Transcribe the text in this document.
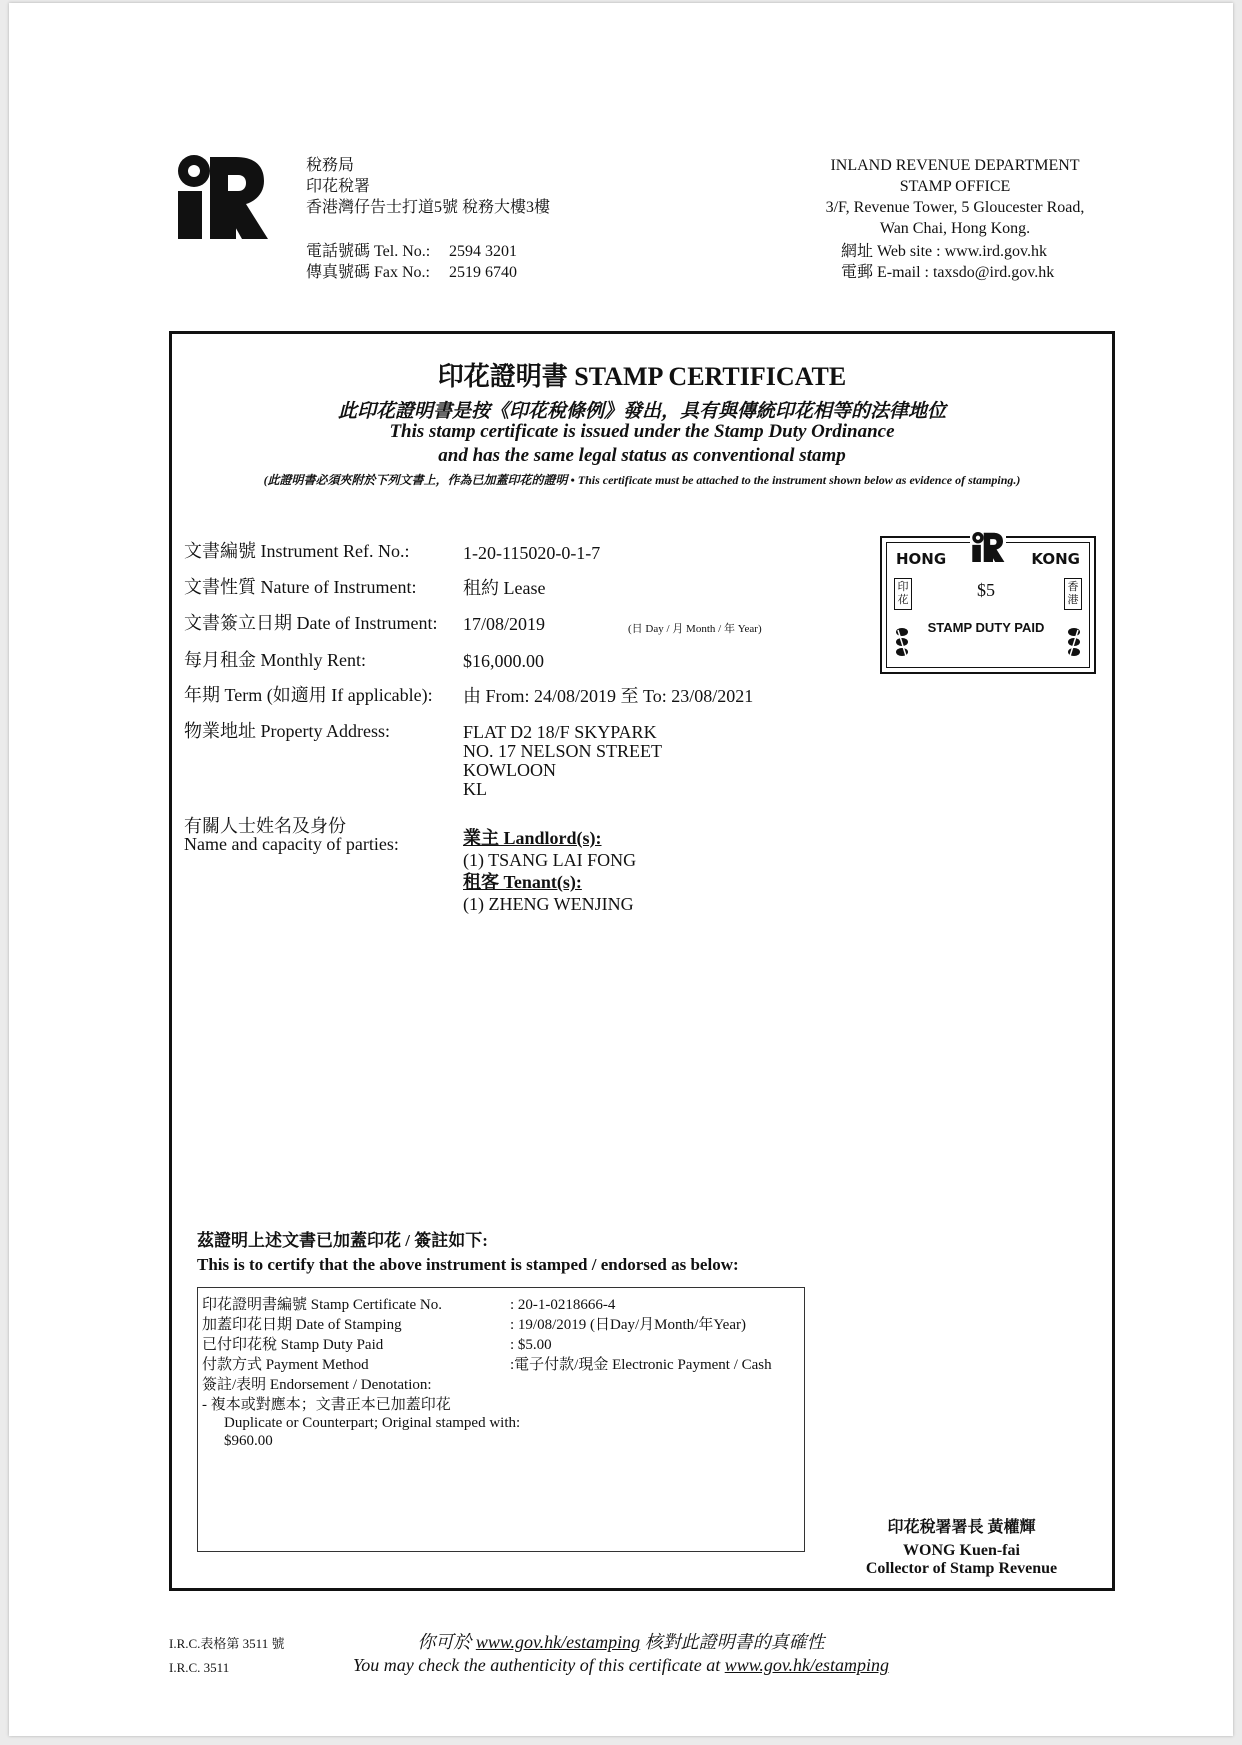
稅務局
印花稅署
香港灣仔告士打道5號 稅務大樓3樓
電話號碼 Tel. No.: 2594 3201
傳真號碼 Fax No.: 2519 6740
INLAND REVENUE DEPARTMENT
STAMP OFFICE
3/F, Revenue Tower, 5 Gloucester Road,
Wan Chai, Hong Kong.
網址 Web site : www.ird.gov.hk
電郵 E-mail : taxsdo@ird.gov.hk
印花證明書 STAMP CERTIFICATE
此印花證明書是按《印花稅條例》發出，具有與傳統印花相等的法律地位
This stamp certificate is issued under the Stamp Duty Ordinance
and has the same legal status as conventional stamp
(此證明書必須夾附於下列文書上，作為已加蓋印花的證明 • This certificate must be attached to the instrument shown below as evidence of stamping.)
文書編號 Instrument Ref. No.:	1-20-115020-0-1-7
文書性質 Nature of Instrument:	租約 Lease
文書簽立日期 Date of Instrument: 17/08/2019	(日 Day / 月 Month / 年 Year)
每月租金 Monthly Rent:	$16,000.00
年期 Term (如適用 If applicable): 由 From: 24/08/2019 至 To: 23/08/2021
物業地址 Property Address:	FLAT D2 18/F SKYPARK
NO. 17 NELSON STREET
KOWLOON
KL
有關人士姓名及身份
Name and capacity of parties:	業主 Landlord(s):
(1) TSANG LAI FONG
租客 Tenant(s):
(1) ZHENG WENJING
HONG	KONG
$5
STAMP DUTY PAID
印花
香港
茲證明上述文書已加蓋印花 / 簽註如下:
This is to certify that the above instrument is stamped / endorsed as below:
印花證明書編號 Stamp Certificate No.	: 20-1-0218666-4
加蓋印花日期 Date of Stamping	: 19/08/2019 (日Day/月Month/年Year)
已付印花稅 Stamp Duty Paid	: $5.00
付款方式 Payment Method	:電子付款/現金 Electronic Payment / Cash
簽註/表明 Endorsement / Denotation:
- 複本或對應本；文書正本已加蓋印花
Duplicate or Counterpart; Original stamped with:
$960.00
印花稅署署長 黃權輝
WONG Kuen-fai
Collector of Stamp Revenue
I.R.C.表格第 3511 號
I.R.C. 3511
你可於 www.gov.hk/estamping 核對此證明書的真確性
You may check the authenticity of this certificate at www.gov.hk/estamping
